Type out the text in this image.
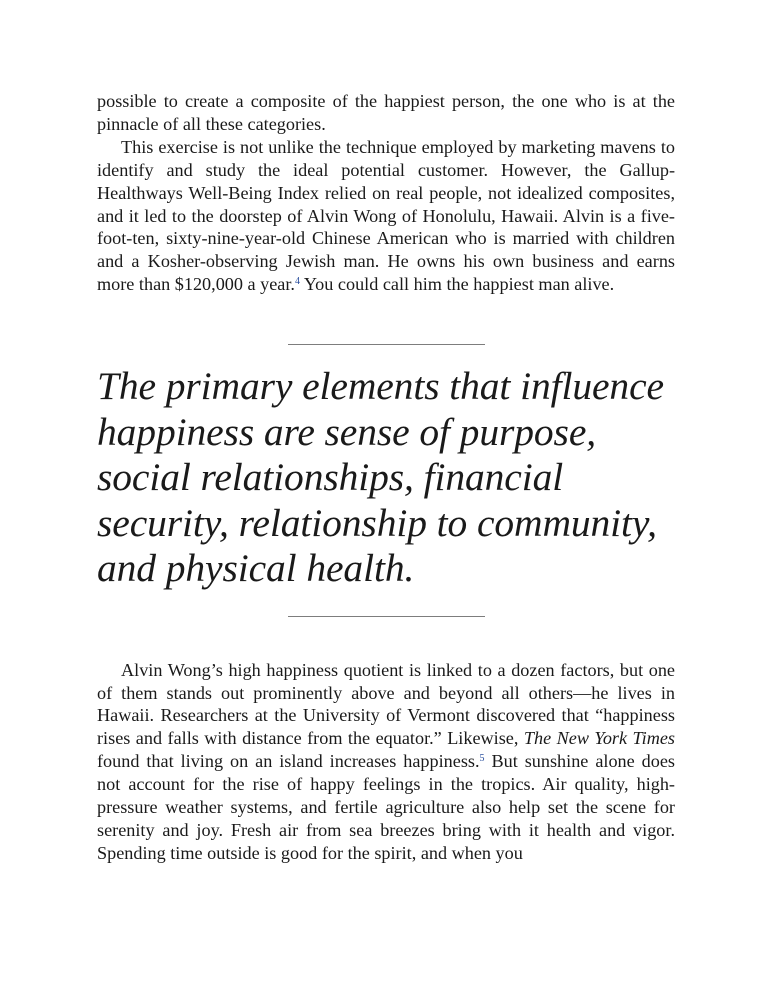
possible to create a composite of the happiest person, the one who is at the pinnacle of all these categories.

This exercise is not unlike the technique employed by marketing mavens to identify and study the ideal potential customer. However, the Gallup-Healthways Well-Being Index relied on real people, not idealized composites, and it led to the doorstep of Alvin Wong of Honolulu, Hawaii. Alvin is a five-foot-ten, sixty-nine-year-old Chinese American who is married with children and a Kosher-observing Jewish man. He owns his own business and earns more than $120,000 a year.$^4$ You could call him the happiest man alive.

The primary elements that influence happiness are sense of purpose, social relationships, financial security, relationship to community, and physical health.

Alvin Wong’s high happiness quotient is linked to a dozen factors, but one of them stands out prominently above and beyond all others—he lives in Hawaii. Researchers at the University of Vermont discovered that “happiness rises and falls with distance from the equator.” Likewise, The New York Times found that living on an island increases happiness.$^5$ But sunshine alone does not account for the rise of happy feelings in the tropics. Air quality, high-pressure weather systems, and fertile agriculture also help set the scene for serenity and joy. Fresh air from sea breezes bring with it health and vigor. Spending time outside is good for the spirit, and when you
